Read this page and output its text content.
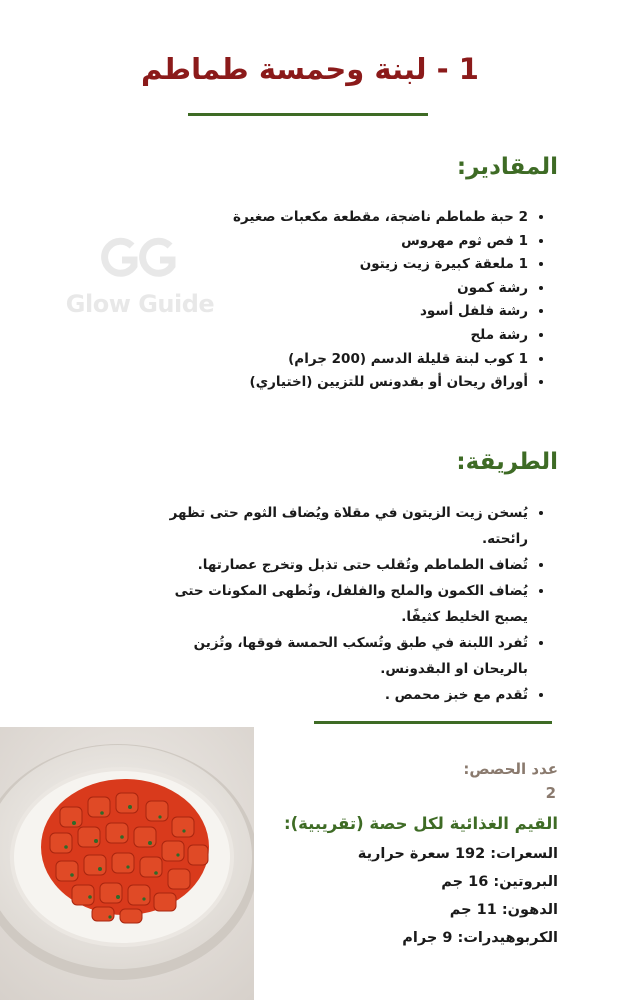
1 - لبنة وحمسة طماطم
المقادير:
• 2 حبة طماطم ناضجة، مقطعة مكعبات صغيرة
• 1 فص ثوم مهروس
• 1 ملعقة كبيرة زيت زيتون
• رشة كمون
• رشة فلفل أسود
• رشة ملح
• 1 كوب لبنة قليلة الدسم (200 جرام)
• أوراق ريحان أو بقدونس للتزيين (اختياري)
Glow Guide
الطريقة:
• يُسخن زيت الزيتون في مقلاة ويُضاف الثوم حتى تظهر رائحته.
• تُضاف الطماطم وتُقلب حتى تذبل وتخرج عصارتها.
• يُضاف الكمون والملح والفلفل، وتُطهى المكونات حتى يصبح الخليط كثيفًا.
• تُفرد اللبنة في طبق وتُسكب الحمسة فوقها، وتُزين بالريحان او البقدونس.
• تُقدم مع خبز محمص .
عدد الحصص:
2
القيم الغذائية لكل حصة (تقريبية):
السعرات: 192 سعرة حرارية
البروتين: 16 جم
الدهون: 11 جم
الكربوهيدرات: 9 جرام
